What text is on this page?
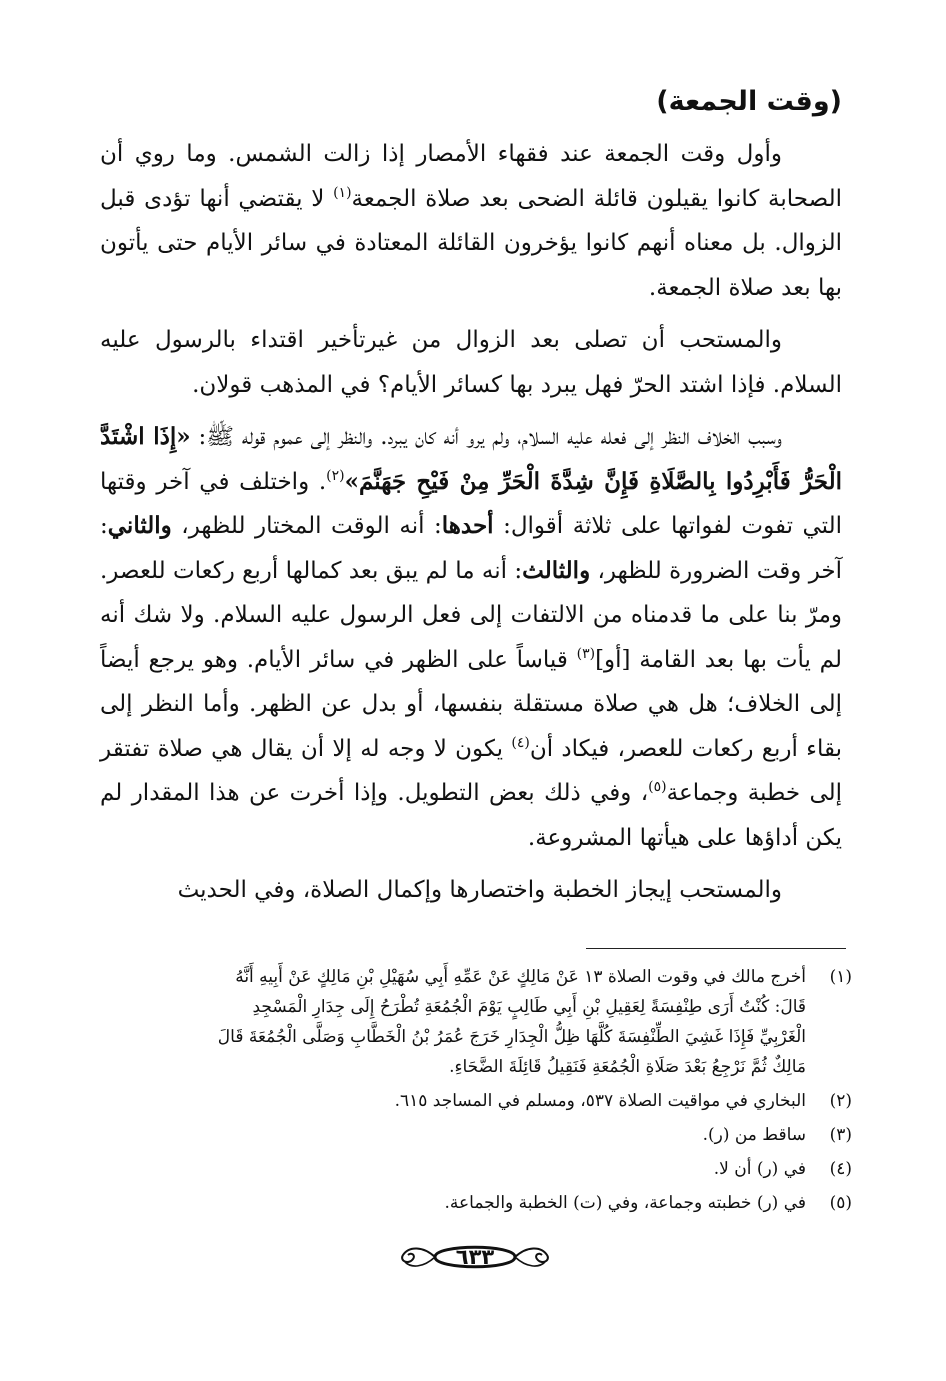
(وقت الجمعة)

وأول وقت الجمعة عند فقهاء الأمصار إذا زالت الشمس. وما روي أن الصحابة كانوا يقيلون قائلة الضحى بعد صلاة الجمعة$^{(١)}$ لا يقتضي أنها تؤدى قبل الزوال. بل معناه أنهم كانوا يؤخرون القائلة المعتادة في سائر الأيام حتى يأتون بها بعد صلاة الجمعة.

والمستحب أن تصلى بعد الزوال من غيرتأخير اقتداء بالرسول عليه السلام. فإذا اشتد الحرّ فهل يبرد بها كسائر الأيام؟ في المذهب قولان.

وسبب الخلاف النظر إلى فعله عليه السلام، ولم يرو أنه كان يبرد. والنظر إلى عموم قوله ﷺ: «إِذَا اشْتَدَّ الْحَرُّ فَأَبْرِدُوا بِالصَّلَاةِ فَإِنَّ شِدَّةَ الْحَرِّ مِنْ فَيْحِ جَهَنَّمَ»$^{(٢)}$. واختلف في آخر وقتها التي تفوت لفواتها على ثلاثة أقوال: أحدها: أنه الوقت المختار للظهر، والثاني: آخر وقت الضرورة للظهر، والثالث: أنه ما لم يبق بعد كمالها أربع ركعات للعصر. ومرّ بنا على ما قدمناه من الالتفات إلى فعل الرسول عليه السلام. ولا شك أنه لم يأت بها بعد القامة [أو]$^{(٣)}$ قياساً على الظهر في سائر الأيام. وهو يرجع أيضاً إلى الخلاف؛ هل هي صلاة مستقلة بنفسها، أو بدل عن الظهر. وأما النظر إلى بقاء أربع ركعات للعصر، فيكاد أن$^{(٤)}$ يكون لا وجه له إلا أن يقال هي صلاة تفتقر إلى خطبة وجماعة$^{(٥)}$، وفي ذلك بعض التطويل. وإذا أخرت عن هذا المقدار لم يكن أداؤها على هيأتها المشروعة.

والمستحب إيجاز الخطبة واختصارها وإكمال الصلاة، وفي الحديث

(١)
أخرج مالك في وقوت الصلاة ١٣ عَنْ مَالِكٍ عَنْ عَمِّهِ أَبِي سُهَيْلِ بْنِ مَالِكٍ عَنْ أَبِيهِ أَنَّهُ
قَالَ: كُنْتُ أَرَى طِنْفِسَةً لِعَقِيلِ بْنِ أَبِي طَالِبٍ يَوْمَ الْجُمُعَةِ تُطْرَحُ إِلَى جِدَارِ الْمَسْجِدِ
الْغَرْبِيِّ فَإِذَا غَشِيَ الطِّنْفِسَةَ كُلَّهَا ظِلُّ الْجِدَارِ خَرَجَ عُمَرُ بْنُ الْخَطَّابِ وَصَلَّى الْجُمُعَةَ قَالَ
مَالِكٌ ثُمَّ نَرْجِعُ بَعْدَ صَلَاةِ الْجُمُعَةِ فَنَقِيلُ قَائِلَةَ الضَّحَاءِ.
(٢)
البخاري في مواقيت الصلاة ٥٣٧، ومسلم في المساجد ٦١٥.
(٣)
ساقط من (ر).
(٤)
في (ر) أن لا.
(٥)
في (ر) خطبته وجماعة، وفي (ت) الخطبة والجماعة.
٦٣٣
